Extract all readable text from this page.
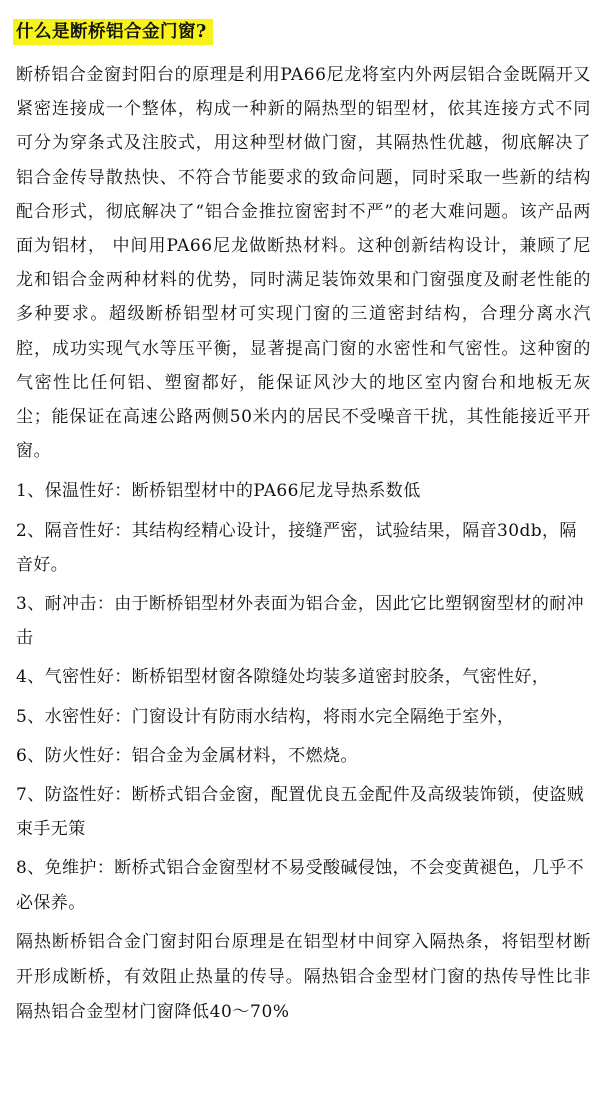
什么是断桥铝合金门窗?

断桥铝合金窗封阳台的原理是利用PA66尼龙将室内外两层铝合金既隔开又紧密连接成一个整体，构成一种新的隔热型的铝型材，依其连接方式不同可分为穿条式及注胶式，用这种型材做门窗，其隔热性优越，彻底解决了铝合金传导散热快、不符合节能要求的致命问题，同时采取一些新的结构配合形式，彻底解决了“铝合金推拉窗密封不严”的老大难问题。该产品两面为铝材， 中间用PA66尼龙做断热材料。这种创新结构设计，兼顾了尼龙和铝合金两种材料的优势，同时满足装饰效果和门窗强度及耐老性能的多种要求。超级断桥铝型材可实现门窗的三道密封结构，合理分离水汽腔，成功实现气水等压平衡，显著提高门窗的水密性和气密性。这种窗的气密性比任何铝、塑窗都好，能保证风沙大的地区室内窗台和地板无灰尘；能保证在高速公路两侧50米内的居民不受噪音干扰，其性能接近平开窗。

1、保温性好：断桥铝型材中的PA66尼龙导热系数低
2、隔音性好：其结构经精心设计，接缝严密，试验结果，隔音30db，隔音好。
3、耐冲击：由于断桥铝型材外表面为铝合金，因此它比塑钢窗型材的耐冲击
4、气密性好：断桥铝型材窗各隙缝处均装多道密封胶条，气密性好，
5、水密性好：门窗设计有防雨水结构，将雨水完全隔绝于室外，
6、防火性好：铝合金为金属材料，不燃烧。
7、防盗性好：断桥式铝合金窗，配置优良五金配件及高级装饰锁，使盗贼束手无策
8、免维护：断桥式铝合金窗型材不易受酸碱侵蚀，不会变黄褪色，几乎不必保养。

隔热断桥铝合金门窗封阳台原理是在铝型材中间穿入隔热条，将铝型材断开形成断桥，有效阻止热量的传导。隔热铝合金型材门窗的热传导性比非隔热铝合金型材门窗降低40～70%
